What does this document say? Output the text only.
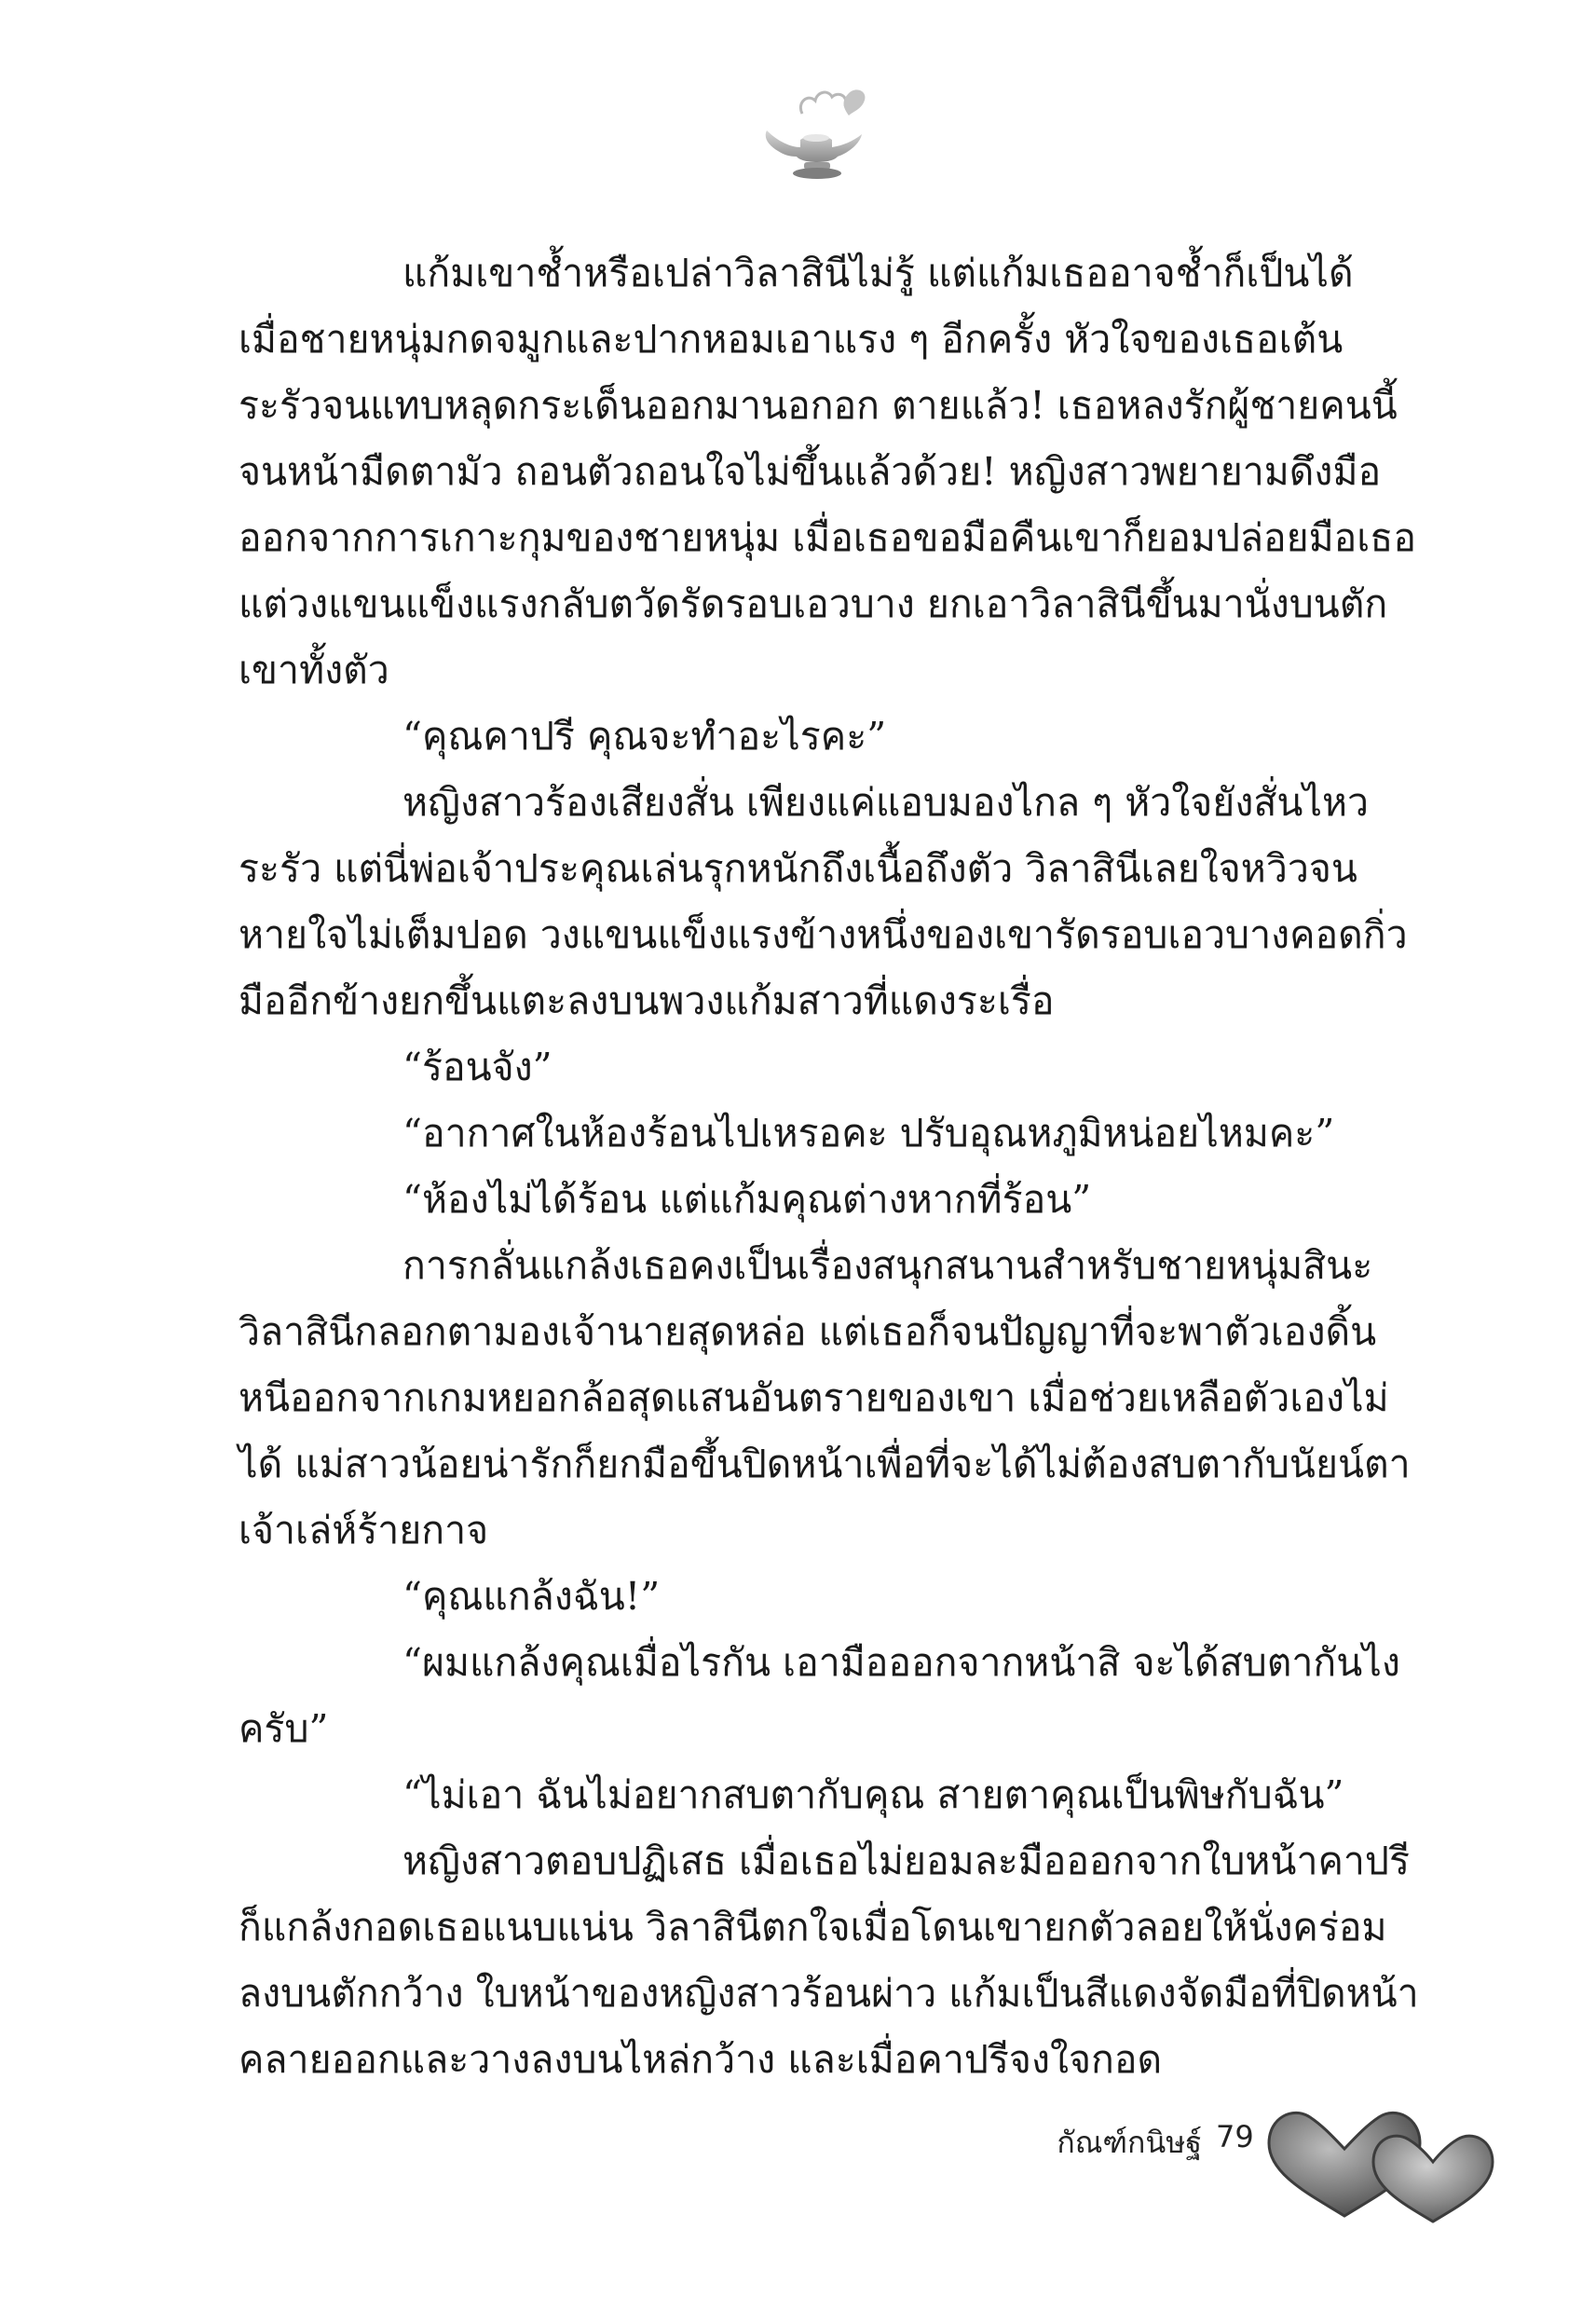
แก้มเขาช้ำหรือเปล่าวิลาสินีไม่รู้ แต่แก้มเธออาจช้ำก็เป็นได้ เมื่อชายหนุ่มกดจมูกและปากหอมเอาแรง ๆ อีกครั้ง หัวใจของเธอเต้นระรัวจนแทบหลุดกระเด็นออกมานอกอก ตายแล้ว! เธอหลงรักผู้ชายคนนี้จนหน้ามืดตามัว ถอนตัวถอนใจไม่ขึ้นแล้วด้วย! หญิงสาวพยายามดึงมือออกจากการเกาะกุมของชายหนุ่ม เมื่อเธอขอมือคืนเขาก็ยอมปล่อยมือเธอ แต่วงแขนแข็งแรงกลับตวัดรัดรอบเอวบาง ยกเอาวิลาสินีขึ้นมานั่งบนตักเขาทั้งตัว

“คุณคาปรี คุณจะทำอะไรคะ”

หญิงสาวร้องเสียงสั่น เพียงแค่แอบมองไกล ๆ หัวใจยังสั่นไหวระรัว แต่นี่พ่อเจ้าประคุณเล่นรุกหนักถึงเนื้อถึงตัว วิลาสินีเลยใจหวิวจนหายใจไม่เต็มปอด วงแขนแข็งแรงข้างหนึ่งของเขารัดรอบเอวบางคอดกิ่วมืออีกข้างยกขึ้นแตะลงบนพวงแก้มสาวที่แดงระเรื่อ

“ร้อนจัง”

“อากาศในห้องร้อนไปเหรอคะ ปรับอุณหภูมิหน่อยไหมคะ”

“ห้องไม่ได้ร้อน แต่แก้มคุณต่างหากที่ร้อน”

การกลั่นแกล้งเธอคงเป็นเรื่องสนุกสนานสำหรับชายหนุ่มสินะ วิลาสินีกลอกตามองเจ้านายสุดหล่อ แต่เธอก็จนปัญญาที่จะพาตัวเองดิ้นหนีออกจากเกมหยอกล้อสุดแสนอันตรายของเขา เมื่อช่วยเหลือตัวเองไม่ได้ แม่สาวน้อยน่ารักก็ยกมือขึ้นปิดหน้าเพื่อที่จะได้ไม่ต้องสบตากับนัยน์ตาเจ้าเล่ห์ร้ายกาจ

“คุณแกล้งฉัน!”

“ผมแกล้งคุณเมื่อไรกัน เอามือออกจากหน้าสิ จะได้สบตากันไงครับ”

“ไม่เอา ฉันไม่อยากสบตากับคุณ สายตาคุณเป็นพิษกับฉัน”

หญิงสาวตอบปฏิเสธ เมื่อเธอไม่ยอมละมือออกจากใบหน้าคาปรีก็แกล้งกอดเธอแนบแน่น วิลาสินีตกใจเมื่อโดนเขายกตัวลอยให้นั่งคร่อมลงบนตักกว้าง ใบหน้าของหญิงสาวร้อนผ่าว แก้มเป็นสีแดงจัดมือที่ปิดหน้าคลายออกและวางลงบนไหล่กว้าง และเมื่อคาปรีจงใจกอด

กัณฑ์กนิษฐ์ 79
